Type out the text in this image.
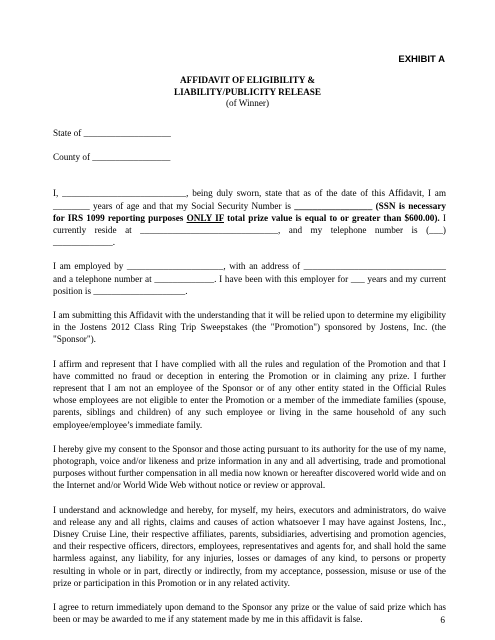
EXHIBIT A
AFFIDAVIT OF ELIGIBILITY &
LIABILITY/PUBLICITY RELEASE
(of Winner)
State of ___________________
County of _________________

I, ___________________________, being duly sworn, state that as of the date of this Affidavit, I am ________ years of age and that my Social Security Number is _________________ (SSN is necessary for IRS 1099 reporting purposes ONLY IF total prize value is equal to or greater than $600.00). I currently reside at ______________________________, and my telephone number is (___) _____________.

I am employed by _____________________, with an address of _______________________________ and a telephone number at _____________. I have been with this employer for ___ years and my current position is ____________________.

I am submitting this Affidavit with the understanding that it will be relied upon to determine my eligibility in the Jostens 2012 Class Ring Trip Sweepstakes (the "Promotion") sponsored by Jostens, Inc. (the "Sponsor").

I affirm and represent that I have complied with all the rules and regulation of the Promotion and that I have committed no fraud or deception in entering the Promotion or in claiming any prize. I further represent that I am not an employee of the Sponsor or of any other entity stated in the Official Rules whose employees are not eligible to enter the Promotion or a member of the immediate families (spouse, parents, siblings and children) of any such employee or living in the same household of any such employee/employee’s immediate family.

I hereby give my consent to the Sponsor and those acting pursuant to its authority for the use of my name, photograph, voice and/or likeness and prize information in any and all advertising, trade and promotional purposes without further compensation in all media now known or hereafter discovered world wide and on the Internet and/or World Wide Web without notice or review or approval.

I understand and acknowledge and hereby, for myself, my heirs, executors and administrators, do waive and release any and all rights, claims and causes of action whatsoever I may have against Jostens, Inc., Disney Cruise Line, their respective affiliates, parents, subsidiaries, advertising and promotion agencies, and their respective officers, directors, employees, representatives and agents for, and shall hold the same harmless against, any liability, for any injuries, losses or damages of any kind, to persons or property resulting in whole or in part, directly or indirectly, from my acceptance, possession, misuse or use of the prize or participation in this Promotion or in any related activity.

I agree to return immediately upon demand to the Sponsor any prize or the value of said prize which has been or may be awarded to me if any statement made by me in this affidavit is false.	6
